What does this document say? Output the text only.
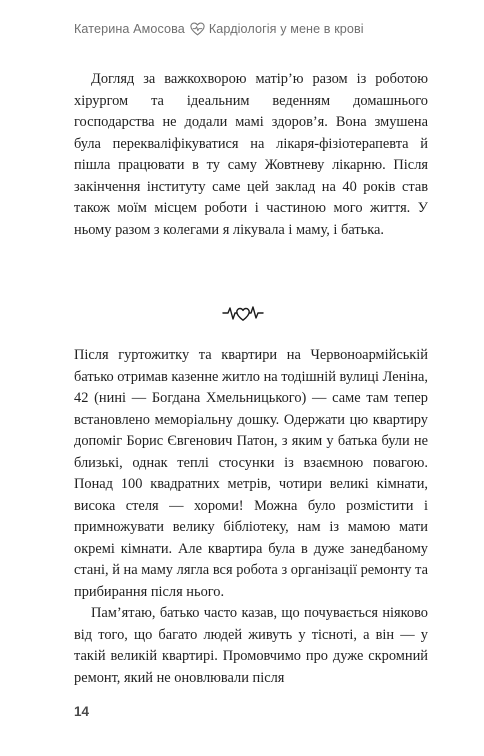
Катерина Амосова Кардіологія у мене в крові

Догляд за важкохворою матір’ю разом із роботою хірургом та ідеальним веденням домашнього господарства не додали мамі здоров’я. Вона змушена була перекваліфікуватися на лікаря-фізіотерапевта й пішла працювати в ту саму Жовтневу лікарню. Після закінчення інституту саме цей заклад на 40 років став також моїм місцем роботи і частиною мого життя. У ньому разом з колегами я лікувала і маму, і батька.

Після гуртожитку та квартири на Червоноармійській батько отримав казенне житло на тодішній вулиці Леніна, 42 (нині — Богдана Хмельницького) — саме там тепер встановлено меморіальну дошку. Одержати цю квартиру допоміг Борис Євгенович Патон, з яким у батька були не близькі, однак теплі стосунки із взаємною повагою. Понад 100 квадратних метрів, чотири великі кімнати, висока стеля — хороми! Можна було розмістити і примножувати велику бібліотеку, нам із мамою мати окремі кімнати. Але квартира була в дуже занедбаному стані, й на маму лягла вся робота з організації ремонту та прибирання після нього.

Пам’ятаю, батько часто казав, що почувається ніяково від того, що багато людей живуть у тісноті, а він — у такій великій квартирі. Промовчимо про дуже скромний ремонт, який не оновлювали після

14
